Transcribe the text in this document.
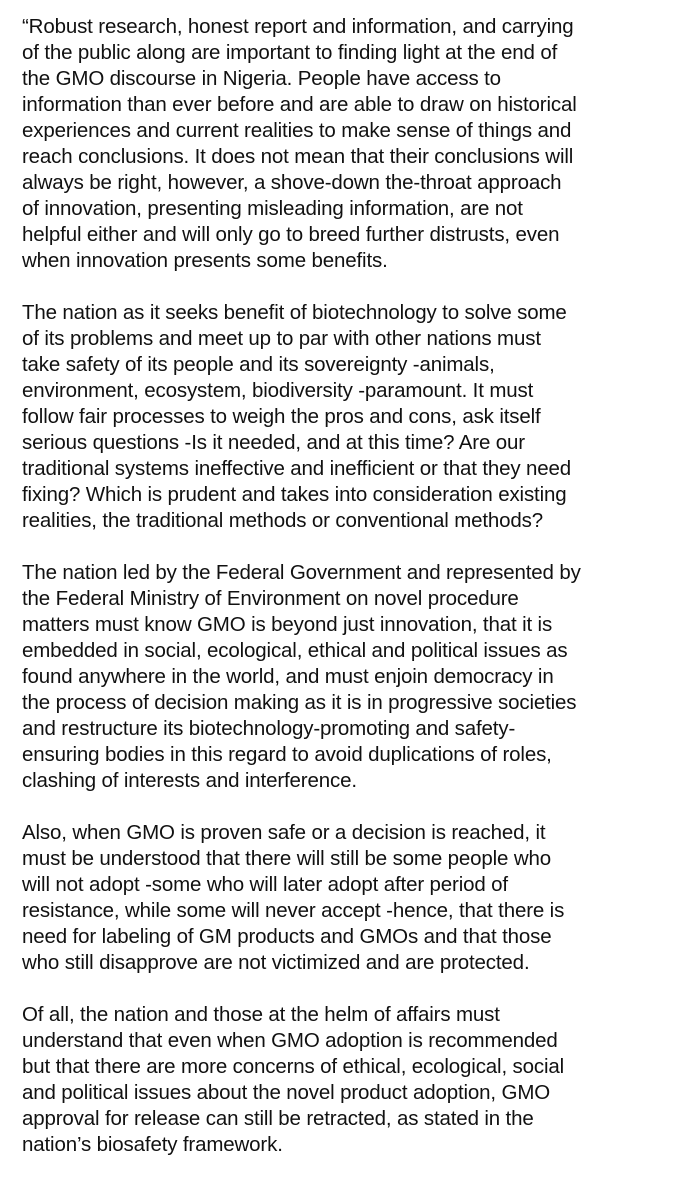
“Robust research, honest report and information, and carrying
of the public along are important to finding light at the end of
the GMO discourse in Nigeria. People have access to
information than ever before and are able to draw on historical
experiences and current realities to make sense of things and
reach conclusions. It does not mean that their conclusions will
always be right, however, a shove-down the-throat approach
of innovation, presenting misleading information, are not
helpful either and will only go to breed further distrusts, even
when innovation presents some benefits.

The nation as it seeks benefit of biotechnology to solve some
of its problems and meet up to par with other nations must
take safety of its people and its sovereignty -animals,
environment, ecosystem, biodiversity -paramount. It must
follow fair processes to weigh the pros and cons, ask itself
serious questions -Is it needed, and at this time? Are our
traditional systems ineffective and inefficient or that they need
fixing? Which is prudent and takes into consideration existing
realities, the traditional methods or conventional methods?

The nation led by the Federal Government and represented by
the Federal Ministry of Environment on novel procedure
matters must know GMO is beyond just innovation, that it is
embedded in social, ecological, ethical and political issues as
found anywhere in the world, and must enjoin democracy in
the process of decision making as it is in progressive societies
and restructure its biotechnology-promoting and safety-
ensuring bodies in this regard to avoid duplications of roles,
clashing of interests and interference.

Also, when GMO is proven safe or a decision is reached, it
must be understood that there will still be some people who
will not adopt -some who will later adopt after period of
resistance, while some will never accept -hence, that there is
need for labeling of GM products and GMOs and that those
who still disapprove are not victimized and are protected.

Of all, the nation and those at the helm of affairs must
understand that even when GMO adoption is recommended
but that there are more concerns of ethical, ecological, social
and political issues about the novel product adoption, GMO
approval for release can still be retracted, as stated in the
nation’s biosafety framework.
